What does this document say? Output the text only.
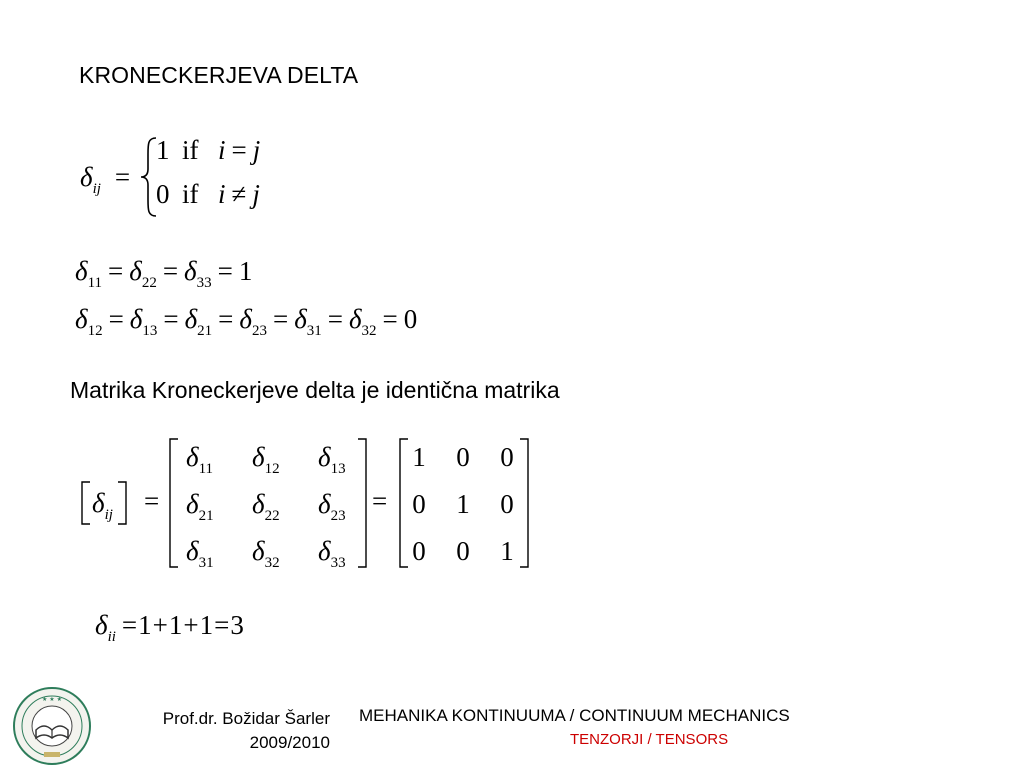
KRONECKERJEVA DELTA
$\delta_{ij}$ =
1 if i = j
0 if i ≠ j
$\delta_{11} = \delta_{22} = \delta_{33} = 1$
$\delta_{12} = \delta_{13} = \delta_{21} = \delta_{23} = \delta_{31} = \delta_{32} = 0$
Matrika Kroneckerjeve delta je identična matrika
$\delta_{ij}$ =
$\delta_{11}$ $\delta_{12}$ $\delta_{13}$
$\delta_{21}$ $\delta_{22}$ $\delta_{23}$
$\delta_{31}$ $\delta_{32}$ $\delta_{33}$
=
1	0	0
0	1	0
0	0	1
$\delta_{ii} =1+1+1=3$
★ ★ ★
Prof.dr. Božidar Šarler
2009/2010
MEHANIKA KONTINUUMA / CONTINUUM MECHANICS
TENZORJI / TENSORS
